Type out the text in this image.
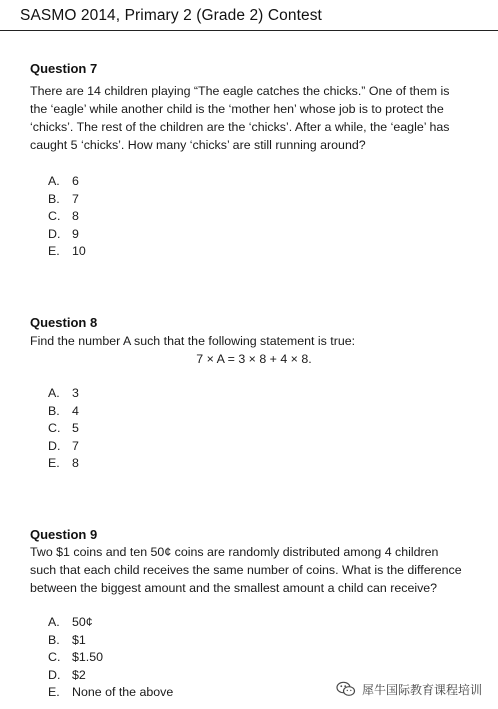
SASMO 2014, Primary 2 (Grade 2) Contest
Question 7
There are 14 children playing “The eagle catches the chicks.” One of them is
the ‘eagle’ while another child is the ‘mother hen’ whose job is to protect the
‘chicks’. The rest of the children are the ‘chicks’. After a while, the ‘eagle’ has
caught 5 ‘chicks’. How many ‘chicks’ are still running around?
A. 6
B. 7
C. 8
D. 9
E. 10
Question 8
Find the number A such that the following statement is true:
7 × A = 3 × 8 + 4 × 8.
A. 3
B. 4
C. 5
D. 7
E. 8
Question 9
Two $1 coins and ten 50¢ coins are randomly distributed among 4 children
such that each child receives the same number of coins. What is the difference
between the biggest amount and the smallest amount a child can receive?
A. 50¢
B. $1
C. $1.50
D. $2
E. None of the above	犀牛国际教育课程培训
